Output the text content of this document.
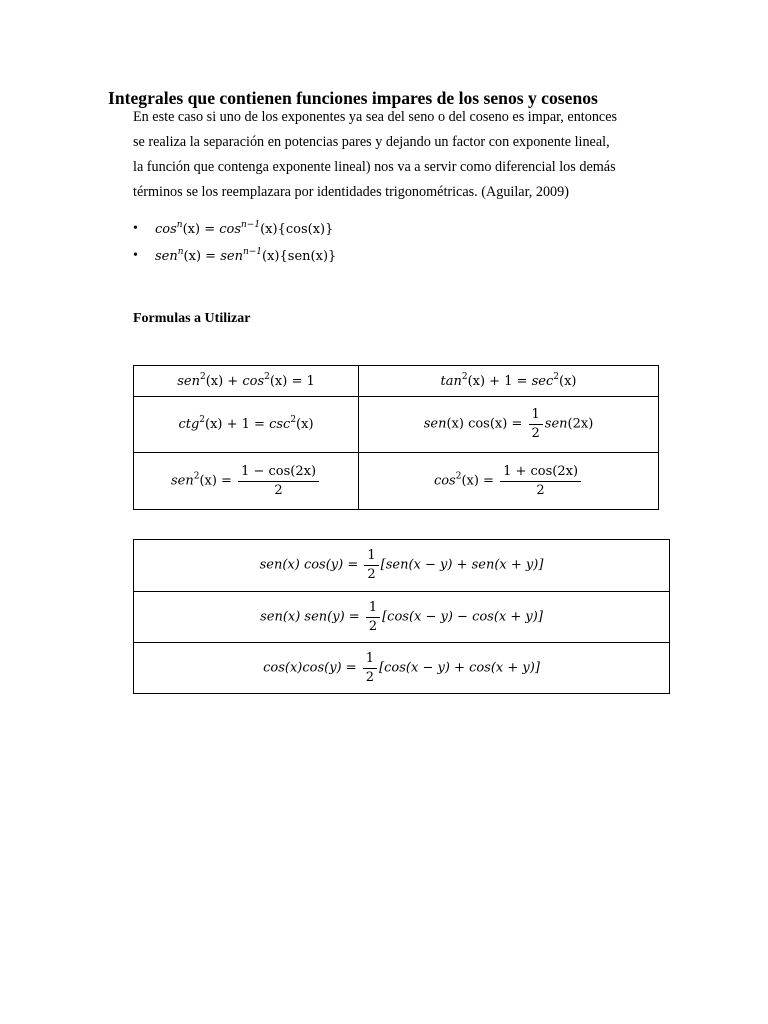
Integrales que contienen funciones impares de los senos y cosenos
En este caso si uno de los exponentes ya sea del seno o del coseno es impar, entonces
se realiza la separación en potencias pares y dejando un factor con exponente lineal,
la función que contenga exponente lineal) nos va a servir como diferencial los demás
términos se los reemplazara por identidades trigonométricas. (Aguilar, 2009)
• $\cos^n(x) = \cos^{n-1}(x)\{\cos(x)\}$
• sen$^n$(x) = sen$^{n-1}$(x){sen(x)}
Formulas a Utilizar
$sen^2(x) + \cos^2(x) = 1$	$\tan^2(x) + 1 = \sec^2(x)$
$ctg^2(x) + 1 = \csc^2(x)$	sen(x) $\cos(x) = \frac{1}{2} sen(2x)$
$sen^2(x) = \frac{1 - \cos(2x)}{2}$	$\cos^2(x) = \frac{1 + \cos(2x)}{2}$
sen(x) $\cos(y) = \frac{1}{2} [sen(x - y) + sen(x + y)]$
sen(x) $sen(y) = \frac{1}{2} [\cos(x - y) - \cos(x + y)]$
$\cos(x)\cos(y) = \frac{1}{2} [\cos(x - y) + \cos(x + y)]$
